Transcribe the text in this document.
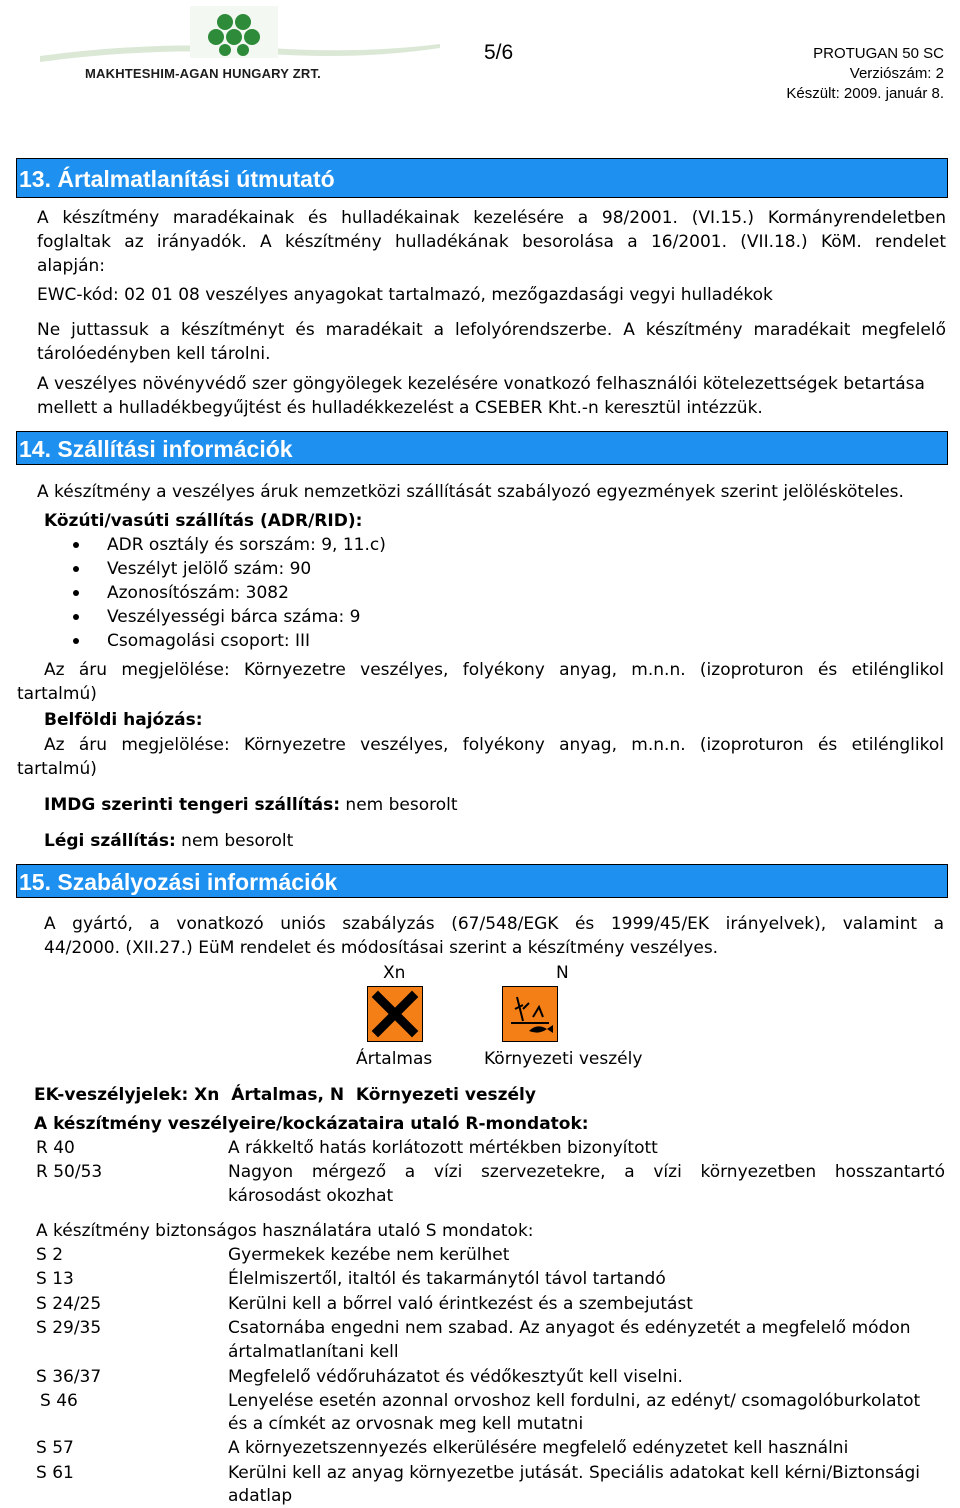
MAKHTESHIM-AGAN HUNGARY ZRT.
5/6	PROTUGAN 50 SC
Verziószám: 2
Készült: 2009. január 8.
13. Ártalmatlanítási útmutató
A készítmény maradékainak és hulladékainak kezelésére a 98/2001. (VI.15.) Kormányrendeletben
foglaltak az irányadók. A készítmény hulladékának besorolása a 16/2001. (VII.18.) KöM. rendelet
alapján:
EWC-kód: 02 01 08 veszélyes anyagokat tartalmazó, mezőgazdasági vegyi hulladékok
Ne juttassuk a készítményt és maradékait a lefolyórendszerbe. A készítmény maradékait megfelelő
tárolóedényben kell tárolni.
A veszélyes növényvédő szer göngyölegek kezelésére vonatkozó felhasználói kötelezettségek betartása
mellett a hulladékbegyűjtést és hulladékkezelést a CSEBER Kht.-n keresztül intézzük.
14. Szállítási információk
A készítmény a veszélyes áruk nemzetközi szállítását szabályozó egyezmények szerint jelölésköteles.
Közúti/vasúti szállítás (ADR/RID):
ADR osztály és sorszám: 9, 11.c)
Veszélyt jelölő szám: 90
Azonosítószám: 3082
Veszélyességi bárca száma: 9
Csomagolási csoport: III
Az áru megjelölése: Környezetre veszélyes, folyékony anyag, m.n.n. (izoproturon és etilénglikol
tartalmú)
Belföldi hajózás:
Az áru megjelölése: Környezetre veszélyes, folyékony anyag, m.n.n. (izoproturon és etilénglikol
tartalmú)
IMDG szerinti tengeri szállítás: nem besorolt
Légi szállítás: nem besorolt
15. Szabályozási információk
A gyártó, a vonatkozó uniós szabályzás (67/548/EGK és 1999/45/EK irányelvek), valamint a
44/2000. (XII.27.) EüM rendelet és módosításai szerint a készítmény veszélyes.
Xn	N
Ártalmas	Környezeti veszély
EK-veszélyjelek: Xn  Ártalmas, N  Környezeti veszély
A készítmény veszélyeire/kockázataira utaló R-mondatok:
R 40	A rákkeltő hatás korlátozott mértékben bizonyított
R 50/53	Nagyon mérgező a vízi szervezetekre, a vízi környezetben hosszantartó
károsodást okozhat
A készítmény biztonságos használatára utaló S mondatok:
S 2	Gyermekek kezébe nem kerülhet
S 13	Élelmiszertől, italtól és takarmánytól távol tartandó
S 24/25	Kerülni kell a bőrrel való érintkezést és a szembejutást
S 29/35	Csatornába engedni nem szabad. Az anyagot és edényzetét a megfelelő módon
ártalmatlanítani kell
S 36/37	Megfelelő védőruházatot és védőkesztyűt kell viselni.
S 46	Lenyelése esetén azonnal orvoshoz kell fordulni, az edényt/ csomagolóburkolatot
és a címkét az orvosnak meg kell mutatni
S 57	A környezetszennyezés elkerülésére megfelelő edényzetet kell használni
S 61	Kerülni kell az anyag környezetbe jutását. Speciális adatokat kell kérni/Biztonsági
adatlap
